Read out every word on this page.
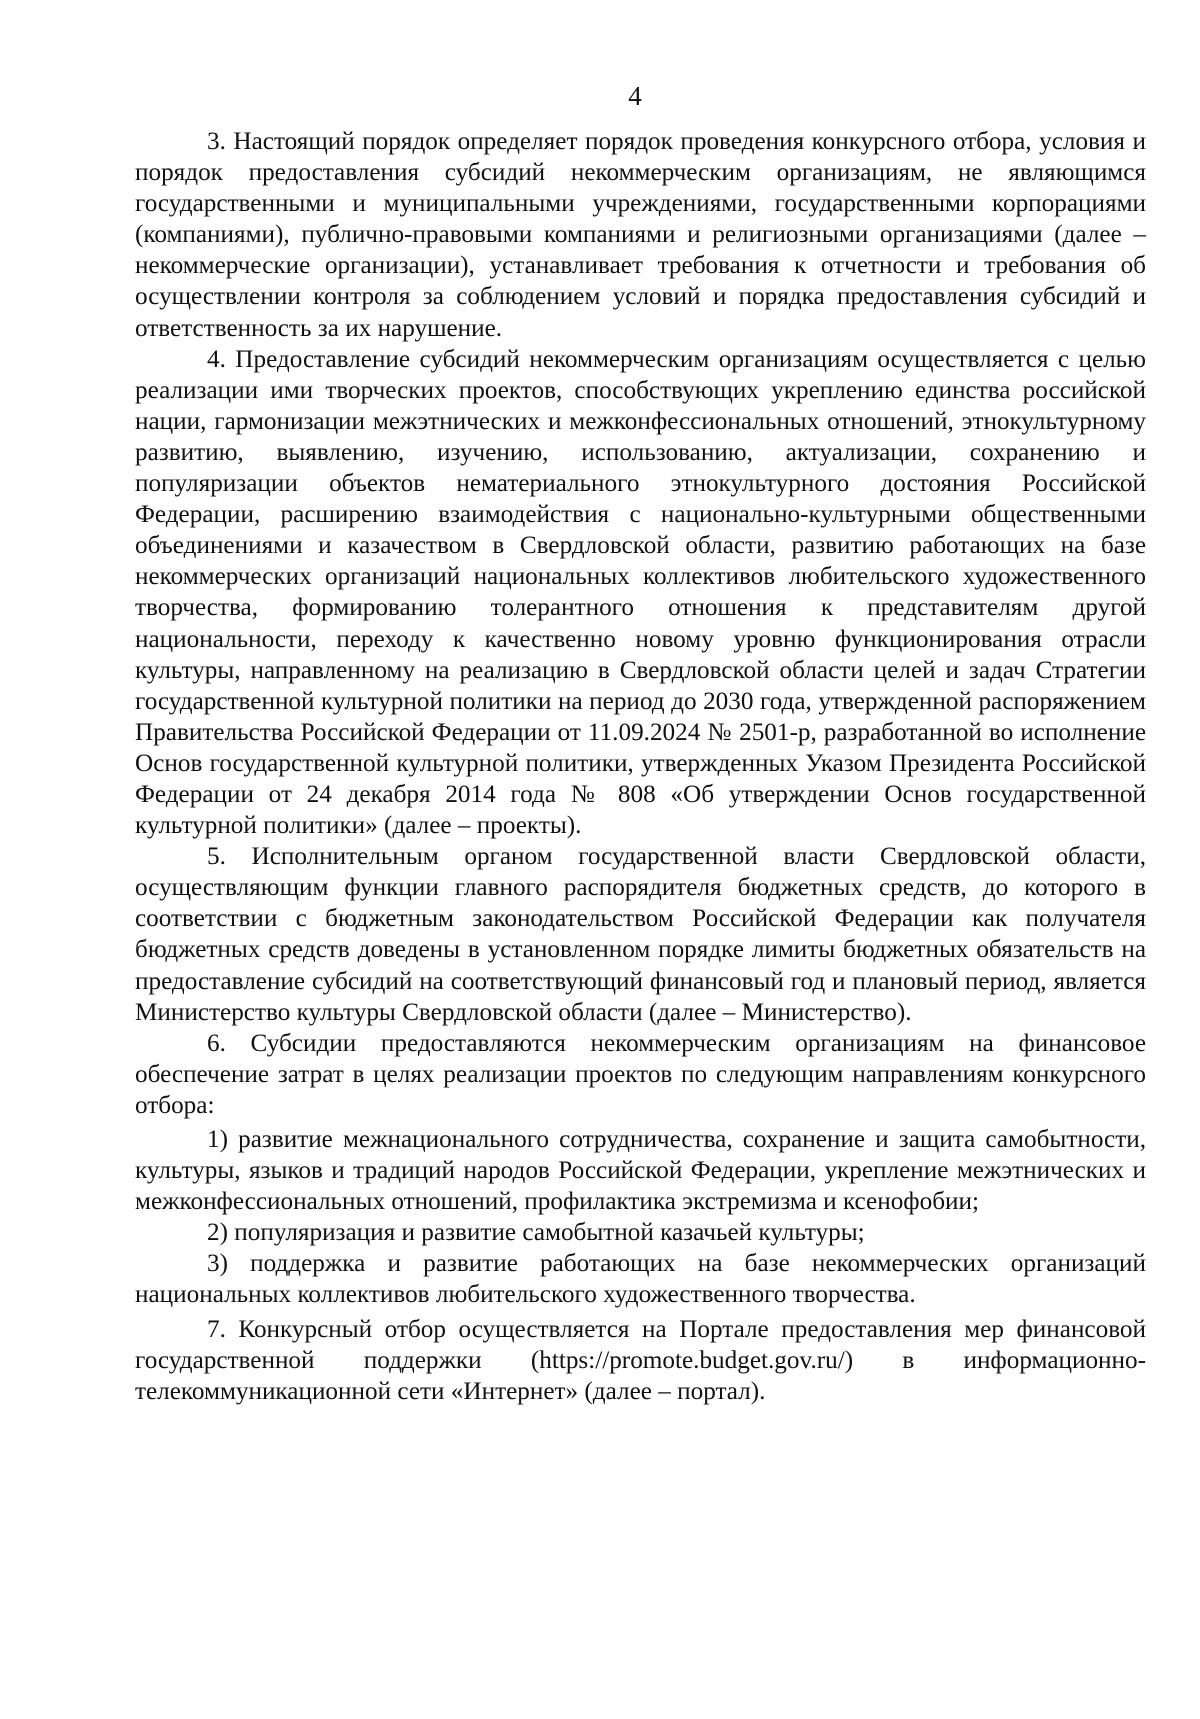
4

3. Настоящий порядок определяет порядок проведения конкурсного отбора, условия и порядок предоставления субсидий некоммерческим организациям, не являющимся государственными и муниципальными учреждениями, государственными корпорациями (компаниями), публично-правовыми компаниями и религиозными организациями (далее – некоммерческие организации), устанавливает требования к отчетности и требования об осуществлении контроля за соблюдением условий и порядка предоставления субсидий и ответственность за их нарушение.

4. Предоставление субсидий некоммерческим организациям осуществляется с целью реализации ими творческих проектов, способствующих укреплению единства российской нации, гармонизации межэтнических и межконфессиональных отношений, этнокультурному развитию, выявлению, изучению, использованию, актуализации, сохранению и популяризации объектов нематериального этнокультурного достояния Российской Федерации, расширению взаимодействия с национально-культурными общественными объединениями и казачеством в Свердловской области, развитию работающих на базе некоммерческих организаций национальных коллективов любительского художественного творчества, формированию толерантного отношения к представителям другой национальности, переходу к качественно новому уровню функционирования отрасли культуры, направленному на реализацию в Свердловской области целей и задач Стратегии государственной культурной политики на период до 2030 года, утвержденной распоряжением Правительства Российской Федерации от 11.09.2024 № 2501-р, разработанной во исполнение Основ государственной культурной политики, утвержденных Указом Президента Российской Федерации от 24 декабря 2014 года № 808 «Об утверждении Основ государственной культурной политики» (далее – проекты).

5. Исполнительным органом государственной власти Свердловской области, осуществляющим функции главного распорядителя бюджетных средств, до которого в соответствии с бюджетным законодательством Российской Федерации как получателя бюджетных средств доведены в установленном порядке лимиты бюджетных обязательств на предоставление субсидий на соответствующий финансовый год и плановый период, является Министерство культуры Свердловской области (далее – Министерство).

6. Субсидии предоставляются некоммерческим организациям на финансовое обеспечение затрат в целях реализации проектов по следующим направлениям конкурсного отбора:

1) развитие межнационального сотрудничества, сохранение и защита самобытности, культуры, языков и традиций народов Российской Федерации, укрепление межэтнических и межконфессиональных отношений, профилактика экстремизма и ксенофобии;

2) популяризация и развитие самобытной казачьей культуры;

3) поддержка и развитие работающих на базе некоммерческих организаций национальных коллективов любительского художественного творчества.

7. Конкурсный отбор осуществляется на Портале предоставления мер финансовой государственной поддержки (https://promote.budget.gov.ru/) в информационно-телекоммуникационной сети «Интернет» (далее – портал).
